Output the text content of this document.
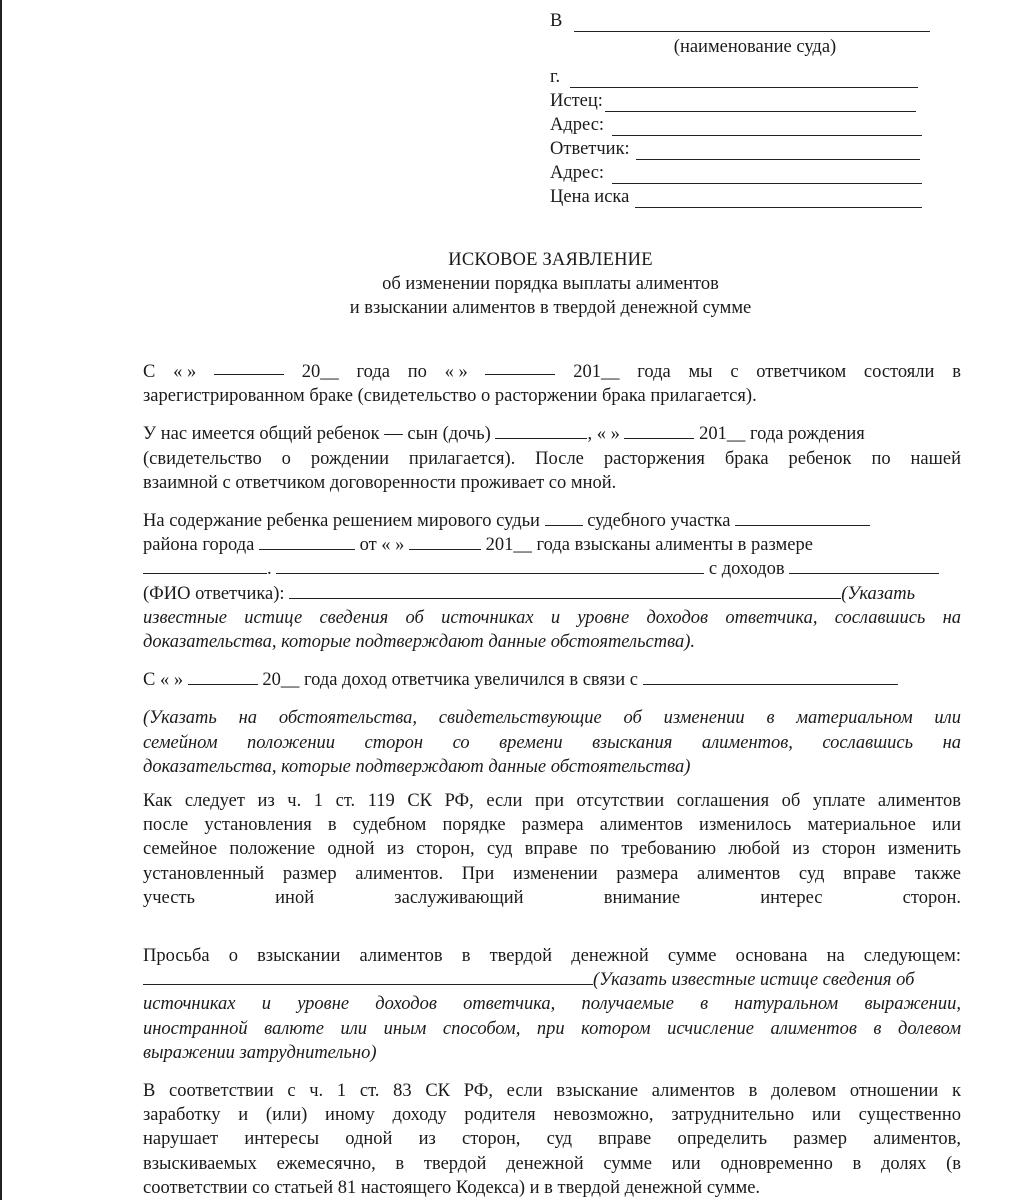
В
(наименование суда)
г.
Истец:
Адрес:
Ответчик:
Адрес:
Цена иска
ИСКОВОЕ ЗАЯВЛЕНИЕ
об изменении порядка выплаты алиментов
и взыскании алиментов в твердой денежной сумме
С « »	20__ года по « »	201__ года мы с ответчиком состояли в
зарегистрированном браке (свидетельство о расторжении брака прилагается).
У нас имеется общий ребенок — сын (дочь)	, « »	201__ года рождения
(свидетельство о рождении прилагается). После расторжения брака ребенок по нашей
взаимной с ответчиком договоренности проживает со мной.
На содержание ребенка решением мирового судьи	судебного участка
района города	от « »	201__ года взысканы алименты в размере
.	с доходов
(ФИО ответчика):	(Указать
известные истице сведения об источниках и уровне доходов ответчика, сославшись на
доказательства, которые подтверждают данные обстоятельства).
С « »	20__ года доход ответчика увеличился в связи с
(Указать на обстоятельства, свидетельствующие об изменении в материальном или
семейном положении сторон со времени взыскания алиментов, сославшись на
доказательства, которые подтверждают данные обстоятельства)
Как следует из ч. 1 ст. 119 СК РФ, если при отсутствии соглашения об уплате алиментов
после установления в судебном порядке размера алиментов изменилось материальное или
семейное положение одной из сторон, суд вправе по требованию любой из сторон изменить
установленный размер алиментов. При изменении размера алиментов суд вправе также
учесть	иной	заслуживающий	внимание	интерес	сторон.
Просьба о взыскании алиментов в твердой денежной сумме основана на следующем:
(Указать известные истице сведения об
источниках и уровне доходов ответчика, получаемые в натуральном выражении,
иностранной валюте или иным способом, при котором исчисление алиментов в долевом
выражении затруднительно)
В соответствии с ч. 1 ст. 83 СК РФ, если взыскание алиментов в долевом отношении к
заработку и (или) иному доходу родителя невозможно, затруднительно или существенно
нарушает интересы одной из сторон, суд вправе определить размер алиментов,
взыскиваемых ежемесячно, в твердой денежной сумме или одновременно в долях (в
соответствии со статьей 81 настоящего Кодекса) и в твердой денежной сумме.
